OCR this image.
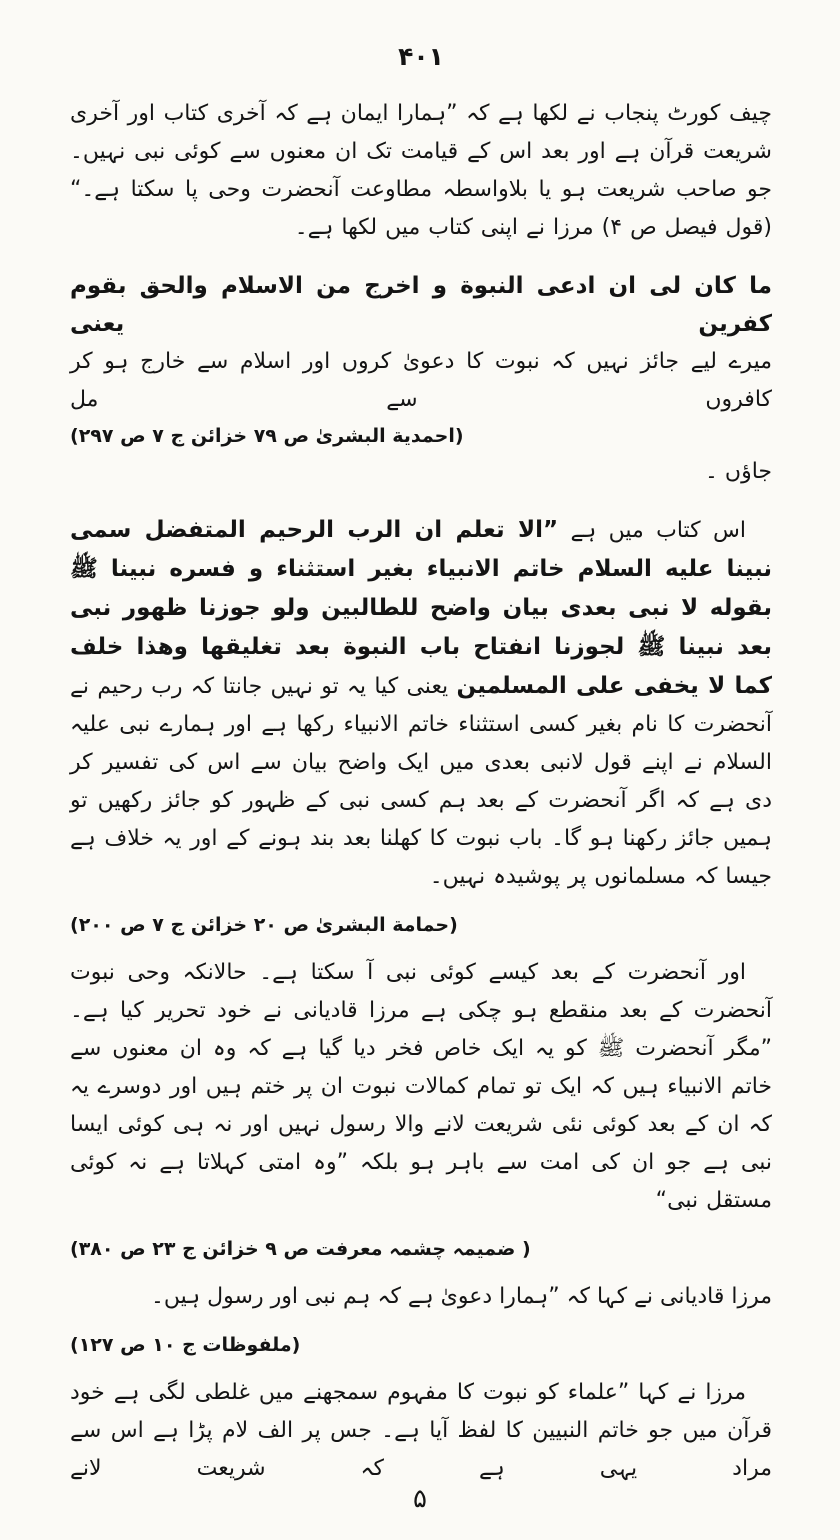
۴۰۱
چیف کورٹ پنجاب نے لکھا ہے کہ ”ہمارا ایمان ہے کہ آخری کتاب اور آخری شریعت قرآن ہے اور بعد اس کے قیامت تک ان معنوں سے کوئی نبی نہیں۔ جو صاحب شریعت ہو یا بلاواسطہ مطاوعت آنحضرت وحی پا سکتا ہے۔“ (قول فیصل ص ۴) مرزا نے اپنی کتاب میں لکھا ہے۔
ما کان لی ان ادعی النبوة و اخرج من الاسلام والحق بقوم کفرین یعنی
میرے لیے جائز نہیں کہ نبوت کا دعویٰ کروں اور اسلام سے خارج ہو کر کافروں سے مل
(احمدیة البشریٰ ص ۷۹ خزائن ج ۷ ص ۲۹۷)
جاؤں ۔
اس کتاب میں ہے ”الا تعلم ان الرب الرحیم المتفضل سمی نبینا علیه السلام خاتم الانبیاء بغیر استثناء و فسره نبینا ﷺ بقوله لا نبی بعدی بیان واضح للطالبین ولو جوزنا ظهور نبی بعد نبینا ﷺ لجوزنا انفتاح باب النبوة بعد تغلیقها وهذا خلف کما لا یخفی علی المسلمین یعنی کیا یہ تو نہیں جانتا کہ رب رحیم نے آنحضرت کا نام بغیر کسی استثناء خاتم الانبیاء رکھا ہے اور ہمارے نبی علیہ السلام نے اپنے قول لانبی بعدی میں ایک واضح بیان سے اس کی تفسیر کر دی ہے کہ اگر آنحضرت کے بعد ہم کسی نبی کے ظہور کو جائز رکھیں تو ہمیں جائز رکھنا ہو گا۔ باب نبوت کا کھلنا بعد بند ہونے کے اور یہ خلاف ہے جیسا کہ مسلمانوں پر پوشیدہ نہیں۔
(حمامة البشریٰ ص ۲۰ خزائن ج ۷ ص ۲۰۰)
اور آنحضرت کے بعد کیسے کوئی نبی آ سکتا ہے۔ حالانکہ وحی نبوت آنحضرت کے بعد منقطع ہو چکی ہے مرزا قادیانی نے خود تحریر کیا ہے۔ ”مگر آنحضرت ﷺ کو یہ ایک خاص فخر دیا گیا ہے کہ وہ ان معنوں سے خاتم الانبیاء ہیں کہ ایک تو تمام کمالات نبوت ان پر ختم ہیں اور دوسرے یہ کہ ان کے بعد کوئی نئی شریعت لانے والا رسول نہیں اور نہ ہی کوئی ایسا نبی ہے جو ان کی امت سے باہر ہو بلکہ ”وہ امتی کہلاتا ہے نہ کوئی مستقل نبی“
( ضمیمہ چشمہ معرفت ص ۹ خزائن ج ۲۳ ص ۳۸۰)
مرزا قادیانی نے کہا کہ ”ہمارا دعویٰ ہے کہ ہم نبی اور رسول ہیں۔
(ملفوظات ج ۱۰ ص ۱۲۷)
مرزا نے کہا ”علماء کو نبوت کا مفہوم سمجھنے میں غلطی لگی ہے خود قرآن میں جو خاتم النبیین کا لفظ آیا ہے۔ جس پر الف لام پڑا ہے اس سے مراد یہی ہے کہ شریعت لانے
۵
